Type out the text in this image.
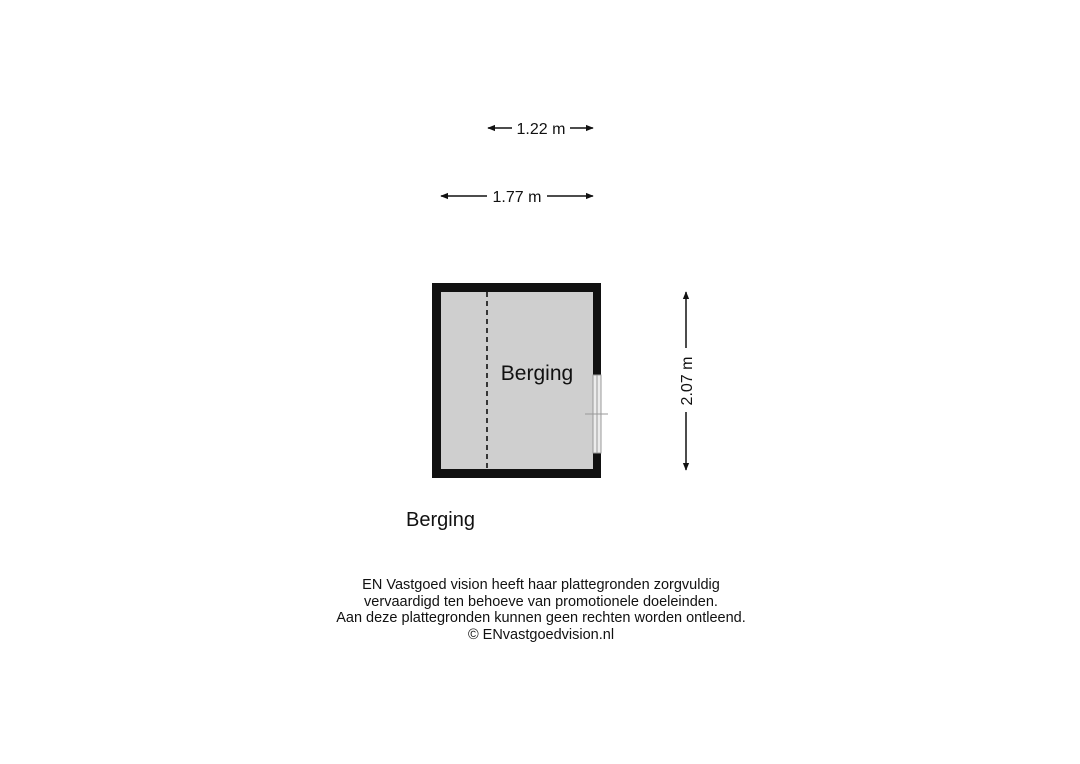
1.22 m
1.77 m
2.07 m
Berging
Berging
EN Vastgoed vision heeft haar plattegronden zorgvuldig
vervaardigd ten behoeve van promotionele doeleinden.
Aan deze plattegronden kunnen geen rechten worden ontleend.
© ENvastgoedvision.nl
